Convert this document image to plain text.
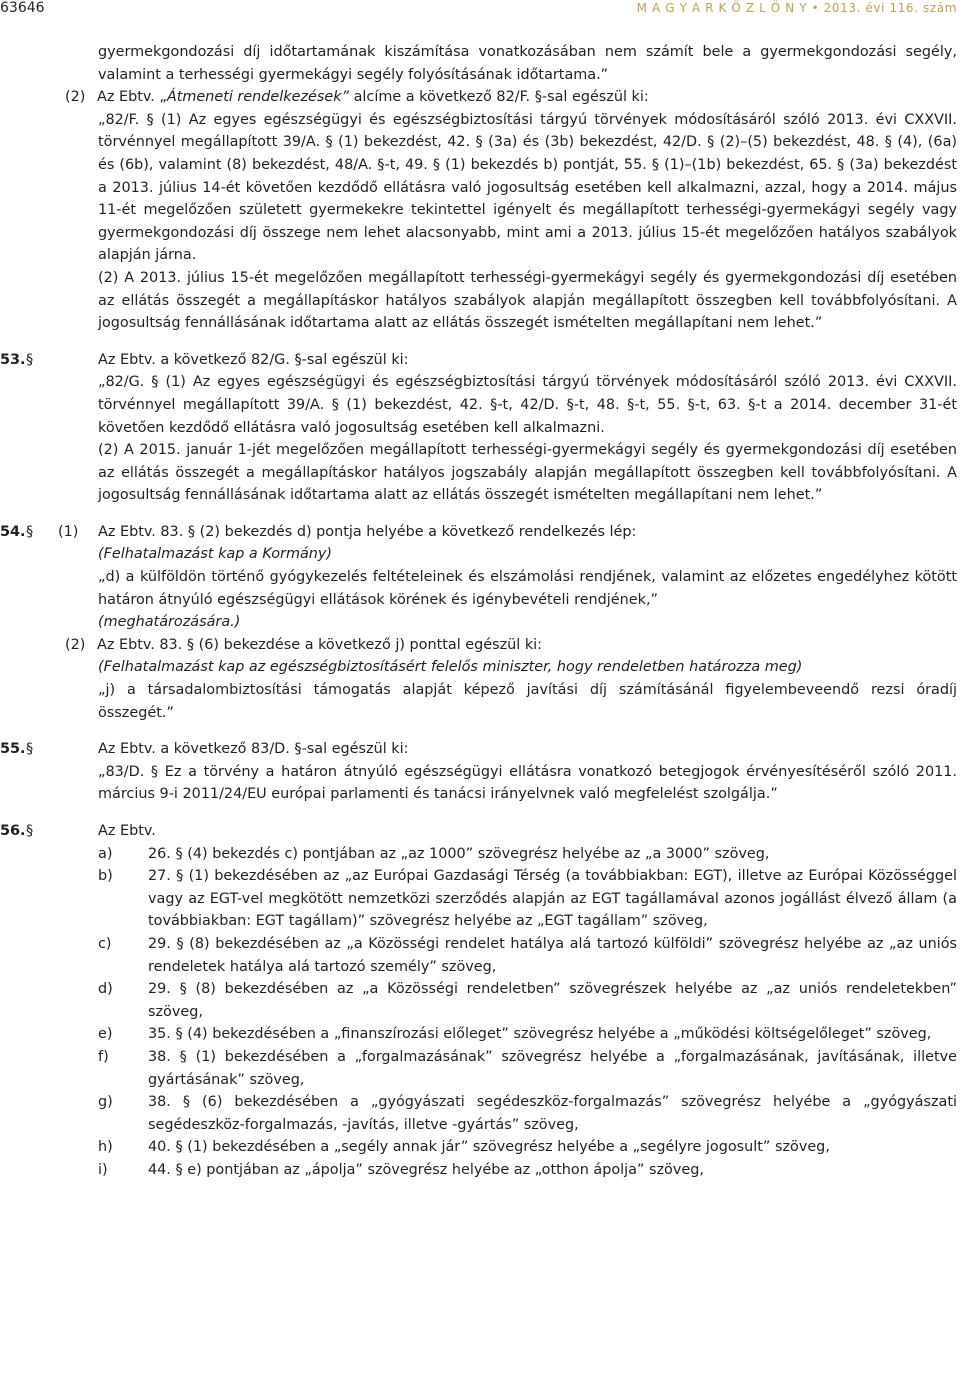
63646	M A G Y A R K Ö Z L Ö N Y • 2013. évi 116. szám

gyermekgondozási díj időtartamának kiszámítása vonatkozásában nem számít bele a gyermekgondozási segély, valamint a terhességi gyermekágyi segély folyósításának időtartama.”

(2) Az Ebtv. „Átmeneti rendelkezések” alcíme a következő 82/F. §-sal egészül ki:

„82/F. § (1) Az egyes egészségügyi és egészségbiztosítási tárgyú törvények módosításáról szóló 2013. évi CXXVII. törvénnyel megállapított 39/A. § (1) bekezdést, 42. § (3a) és (3b) bekezdést, 42/D. § (2)–(5) bekezdést, 48. § (4), (6a) és (6b), valamint (8) bekezdést, 48/A. §-t, 49. § (1) bekezdés b) pontját, 55. § (1)–(1b) bekezdést, 65. § (3a) bekezdést a 2013. július 14-ét követően kezdődő ellátásra való jogosultság esetében kell alkalmazni, azzal, hogy a 2014. május 11-ét megelőzően született gyermekekre tekintettel igényelt és megállapított terhességi-gyermekágyi segély vagy gyermekgondozási díj összege nem lehet alacsonyabb, mint ami a 2013. július 15-ét megelőzően hatályos szabályok alapján járna.

(2) A 2013. július 15-ét megelőzően megállapított terhességi-gyermekágyi segély és gyermekgondozási díj esetében az ellátás összegét a megállapításkor hatályos szabályok alapján megállapított összegben kell továbbfolyósítani. A jogosultság fennállásának időtartama alatt az ellátás összegét ismételten megállapítani nem lehet.”

53. §	Az Ebtv. a következő 82/G. §-sal egészül ki:

„82/G. § (1) Az egyes egészségügyi és egészségbiztosítási tárgyú törvények módosításáról szóló 2013. évi CXXVII. törvénnyel megállapított 39/A. § (1) bekezdést, 42. §-t, 42/D. §-t, 48. §-t, 55. §-t, 63. §-t a 2014. december 31-ét követően kezdődő ellátásra való jogosultság esetében kell alkalmazni.

(2) A 2015. január 1-jét megelőzően megállapított terhességi-gyermekágyi segély és gyermekgondozási díj esetében az ellátás összegét a megállapításkor hatályos jogszabály alapján megállapított összegben kell továbbfolyósítani. A jogosultság fennállásának időtartama alatt az ellátás összegét ismételten megállapítani nem lehet.”

54. §	(1)	Az Ebtv. 83. § (2) bekezdés d) pontja helyébe a következő rendelkezés lép:

(Felhatalmazást kap a Kormány)

„d) a külföldön történő gyógykezelés feltételeinek és elszámolási rendjének, valamint az előzetes engedélyhez kötött határon átnyúló egészségügyi ellátások körének és igénybevételi rendjének,”

(meghatározására.)

(2) Az Ebtv. 83. § (6) bekezdése a következő j) ponttal egészül ki:

(Felhatalmazást kap az egészségbiztosításért felelős miniszter, hogy rendeletben határozza meg)

„j) a társadalombiztosítási támogatás alapját képező javítási díj számításánál figyelembeveendő rezsi óradíj összegét.”

55. §	Az Ebtv. a következő 83/D. §-sal egészül ki:

„83/D. § Ez a törvény a határon átnyúló egészségügyi ellátásra vonatkozó betegjogok érvényesítéséről szóló 2011. március 9-i 2011/24/EU európai parlamenti és tanácsi irányelvnek való megfelelést szolgálja.”

56. §	Az Ebtv.
a)	26. § (4) bekezdés c) pontjában az „az 1000” szövegrész helyébe az „a 3000” szöveg,
b)	27. § (1) bekezdésében az „az Európai Gazdasági Térség (a továbbiakban: EGT), illetve az Európai Közösséggel vagy az EGT-vel megkötött nemzetközi szerződés alapján az EGT tagállamával azonos jogállást élvező állam (a továbbiakban: EGT tagállam)” szövegrész helyébe az „EGT tagállam” szöveg,
c)	29. § (8) bekezdésében az „a Közösségi rendelet hatálya alá tartozó külföldi” szövegrész helyébe az „az uniós rendeletek hatálya alá tartozó személy” szöveg,
d)	29. § (8) bekezdésében az „a Közösségi rendeletben” szövegrészek helyébe az „az uniós rendeletekben” szöveg,
e)	35. § (4) bekezdésében a „finanszírozási előleget” szövegrész helyébe a „működési költségelőleget” szöveg,
f)	38. § (1) bekezdésében a „forgalmazásának” szövegrész helyébe a „forgalmazásának, javításának, illetve gyártásának” szöveg,
g)	38. § (6) bekezdésében a „gyógyászati segédeszköz-forgalmazás” szövegrész helyébe a „gyógyászati segédeszköz-forgalmazás, -javítás, illetve -gyártás” szöveg,
h)	40. § (1) bekezdésében a „segély annak jár” szövegrész helyébe a „segélyre jogosult” szöveg,
i)	44. § e) pontjában az „ápolja” szövegrész helyébe az „otthon ápolja” szöveg,
